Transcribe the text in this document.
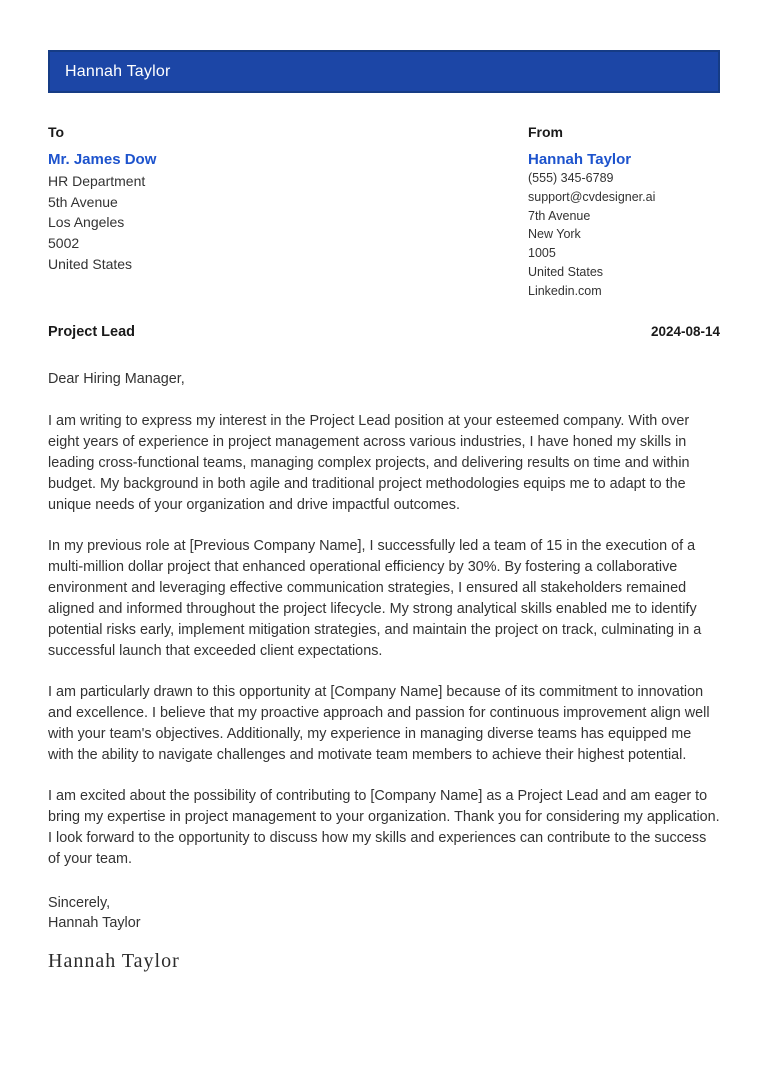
Hannah Taylor
To
Mr. James Dow
HR Department
5th Avenue
Los Angeles
5002
United States
From
Hannah Taylor
(555) 345-6789
support@cvdesigner.ai
7th Avenue
New York
1005
United States
Linkedin.com
Project Lead	2024-08-14
Dear Hiring Manager,
I am writing to express my interest in the Project Lead position at your esteemed company. With over eight years of experience in project management across various industries, I have honed my skills in leading cross-functional teams, managing complex projects, and delivering results on time and within budget. My background in both agile and traditional project methodologies equips me to adapt to the unique needs of your organization and drive impactful outcomes.
In my previous role at [Previous Company Name], I successfully led a team of 15 in the execution of a multi-million dollar project that enhanced operational efficiency by 30%. By fostering a collaborative environment and leveraging effective communication strategies, I ensured all stakeholders remained aligned and informed throughout the project lifecycle. My strong analytical skills enabled me to identify potential risks early, implement mitigation strategies, and maintain the project on track, culminating in a successful launch that exceeded client expectations.
I am particularly drawn to this opportunity at [Company Name] because of its commitment to innovation and excellence. I believe that my proactive approach and passion for continuous improvement align well with your team's objectives. Additionally, my experience in managing diverse teams has equipped me with the ability to navigate challenges and motivate team members to achieve their highest potential.
I am excited about the possibility of contributing to [Company Name] as a Project Lead and am eager to bring my expertise in project management to your organization. Thank you for considering my application. I look forward to the opportunity to discuss how my skills and experiences can contribute to the success of your team.
Sincerely,
Hannah Taylor
Hannah Taylor
